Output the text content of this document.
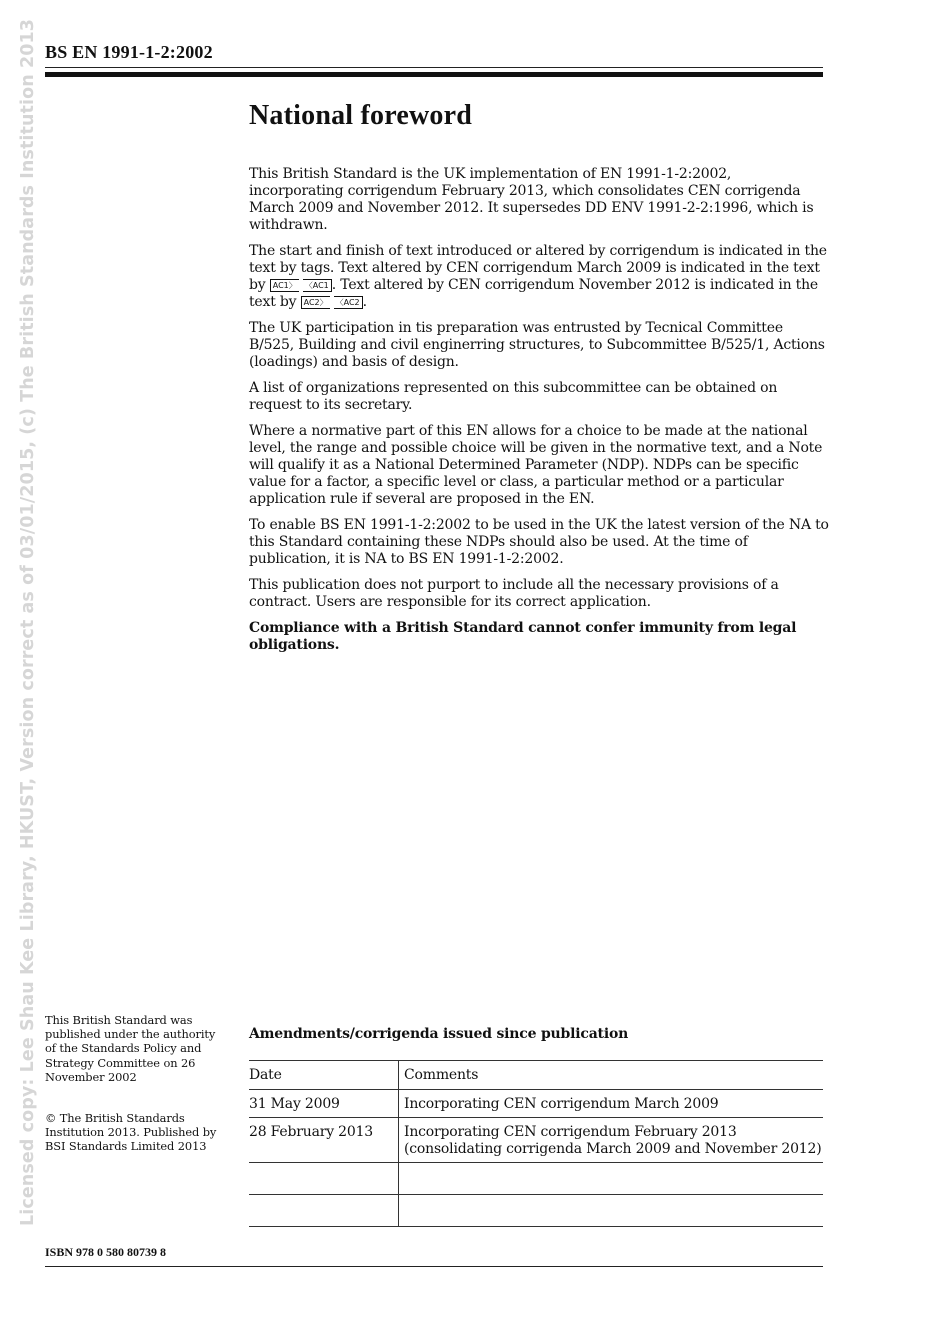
BS EN 1991-1-2:2002
Licensed copy: Lee Shau Kee Library, HKUST, Version correct as of 03/01/2015, (c) The British Standards Institution 2013	National foreword

This British Standard is the UK implementation of EN 1991-1-2:2002, incorporating corrigendum February 2013, which consolidates CEN corrigenda March 2009 and November 2012. It supersedes DD ENV 1991-2-2:1996, which is withdrawn.

The start and finish of text introduced or altered by corrigendum is indicated in the text by tags. Text altered by CEN corrigendum March 2009 is indicated in the text by AC1 〉	〈 AC1 . Text altered by CEN corrigendum November 2012 is indicated in the text by AC2 〉	〈 AC2 .

The UK participation in tis preparation was entrusted by Tecnical Committee B/525, Building and civil enginerring structures, to Subcommittee B/525/1, Actions (loadings) and basis of design.

A list of organizations represented on this subcommittee can be obtained on request to its secretary.

Where a normative part of this EN allows for a choice to be made at the national level, the range and possible choice will be given in the normative text, and a Note will qualify it as a National Determined Parameter (NDP). NDPs can be specific value for a factor, a specific level or class, a particular method or a particular application rule if several are proposed in the EN.

To enable BS EN 1991-1-2:2002 to be used in the UK the latest version of the NA to this Standard containing these NDPs should also be used. At the time of publication, it is NA to BS EN 1991-1-2:2002.

This publication does not purport to include all the necessary provisions of a contract. Users are responsible for its correct application.

Compliance with a British Standard cannot confer immunity from legal obligations.

This British Standard was published under the authority of the Standards Policy and Strategy Committee on 26 November 2002
© The British Standards Institution 2013. Published by BSI Standards Limited 2013
Amendments/corrigenda issued since publication
Date	Comments
31 May 2009	Incorporating CEN corrigendum March 2009
28 February 2013	Incorporating CEN corrigendum February 2013 (consolidating corrigenda March 2009 and November 2012)

ISBN 978 0 580 80739 8
